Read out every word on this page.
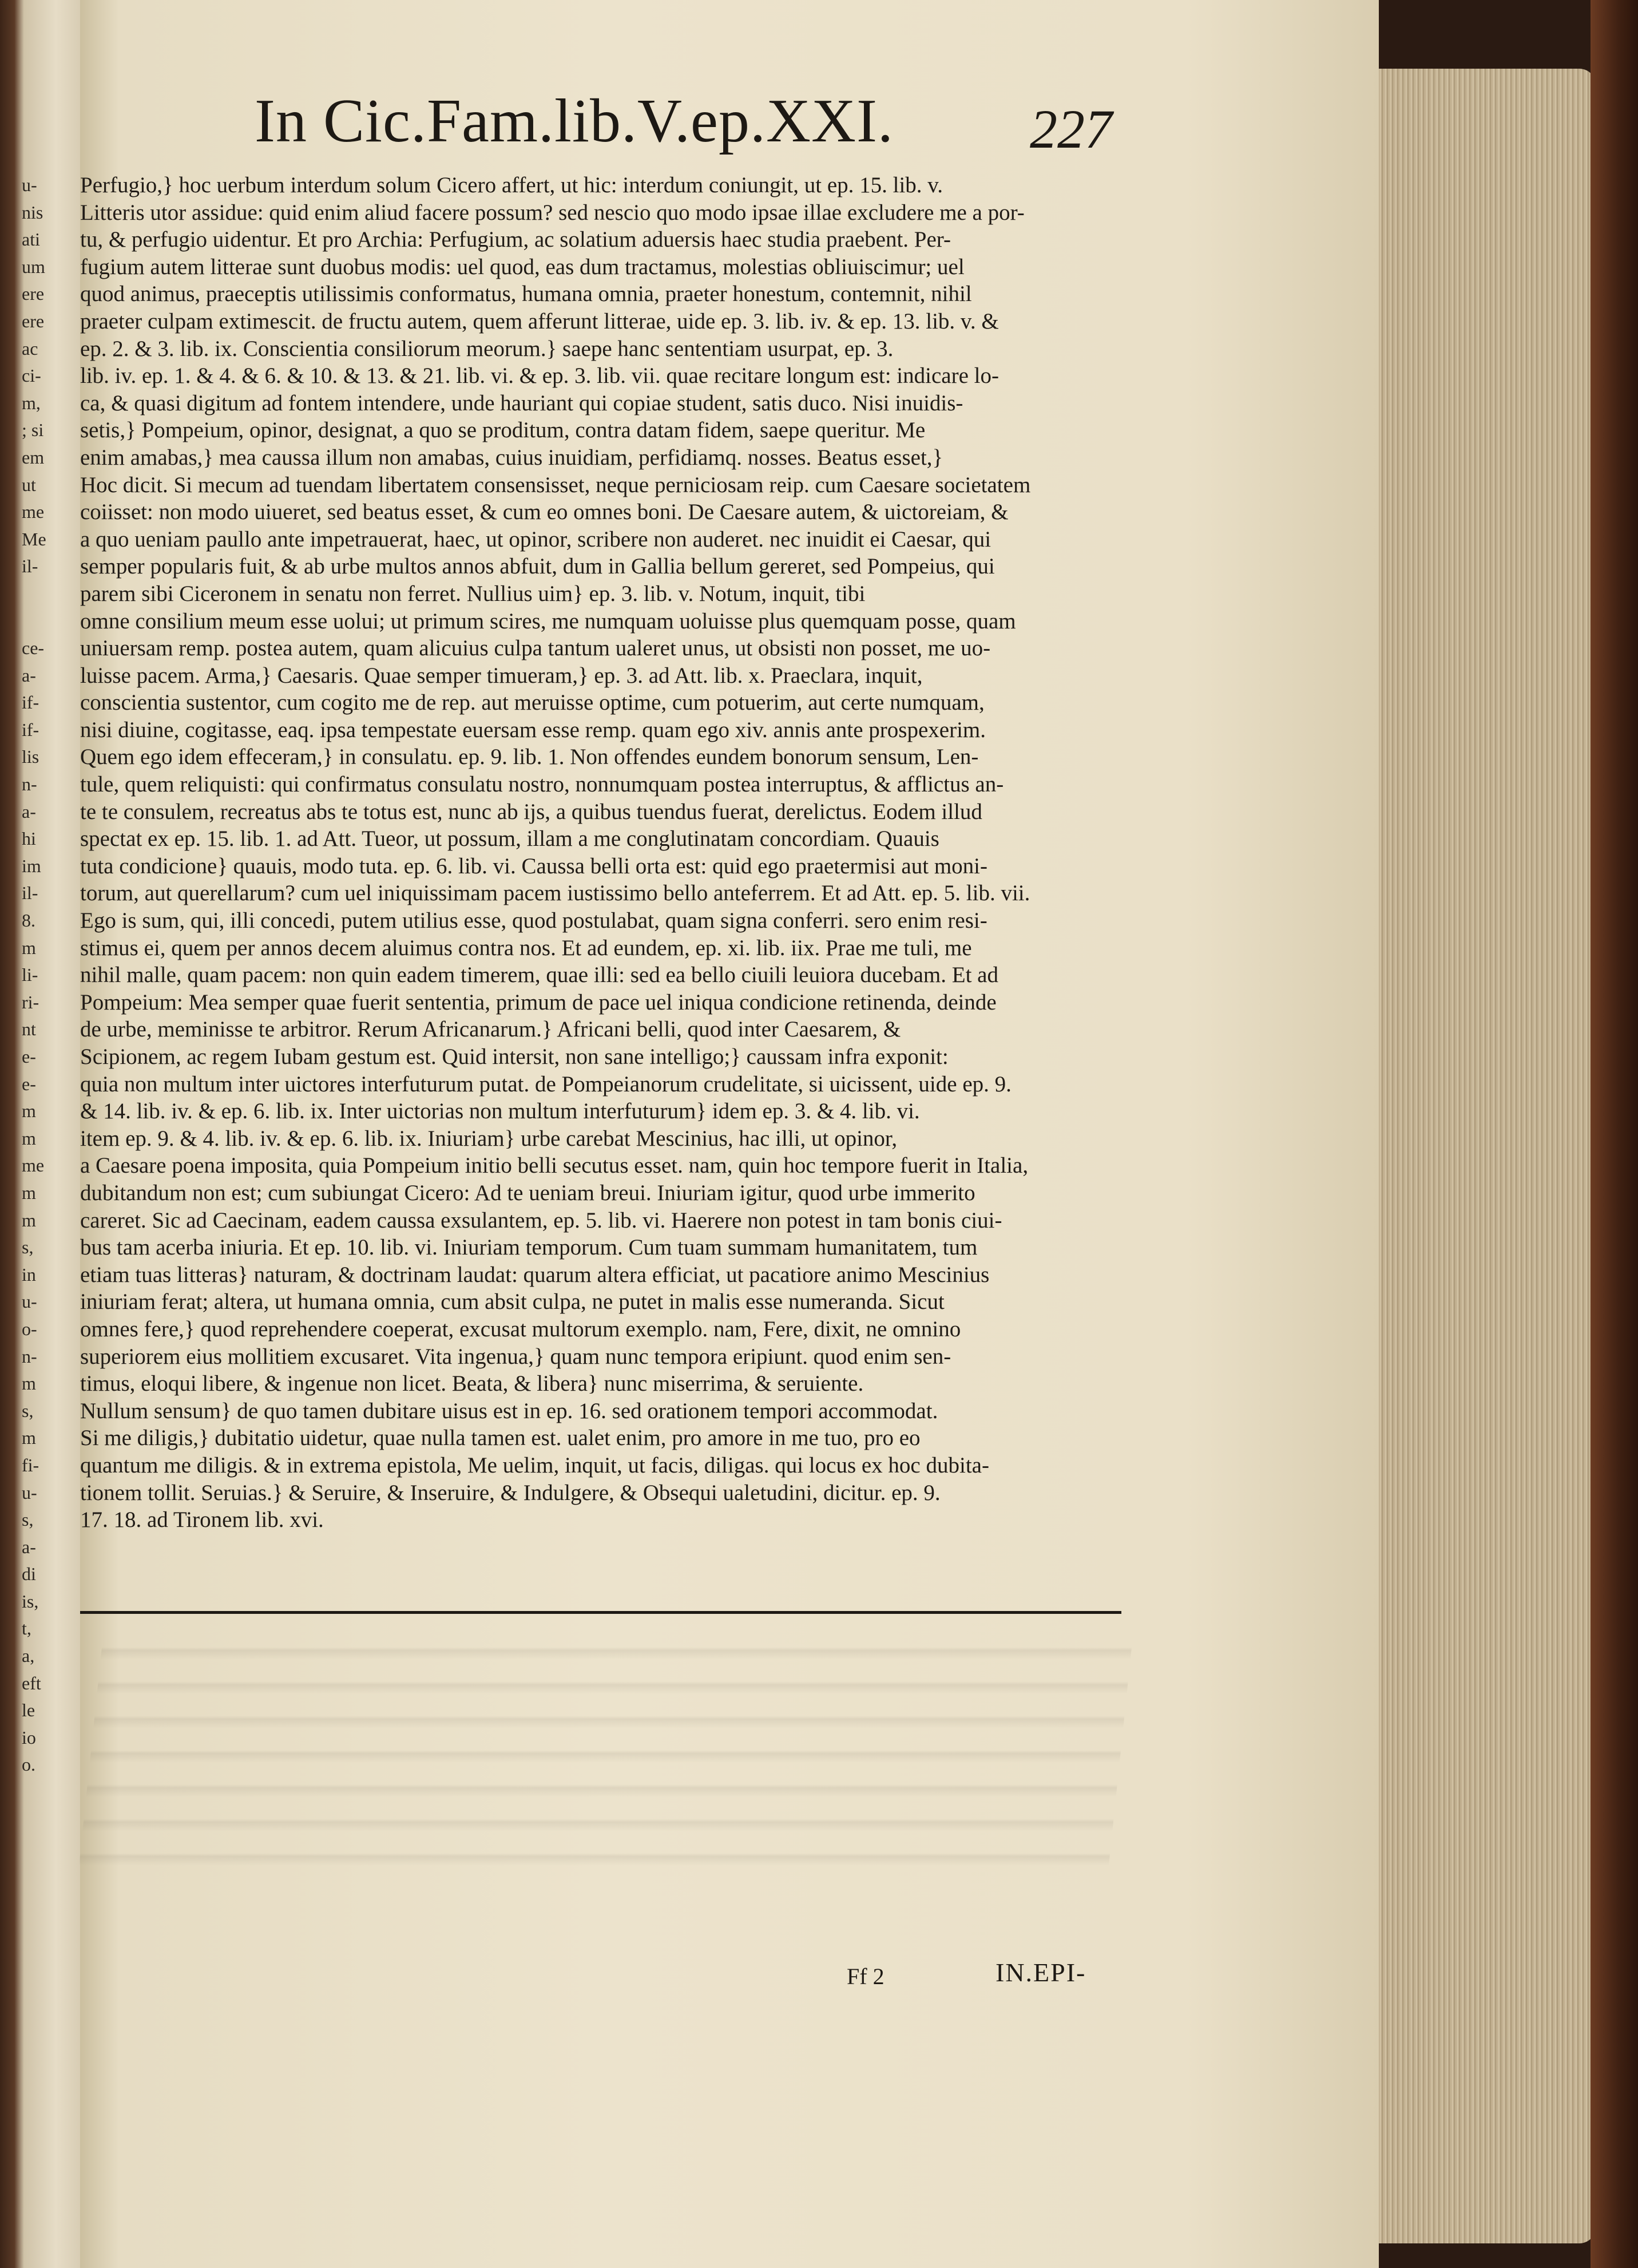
u-
nis
ati
um
ere
ere
ac
ci-
m,
; si
em
ut
me
Me
il-
ce-
a-
if-
if-
lis
n-
a-
hi
im
il-
8.
m
li-
ri-
nt
e-
e-
m
m
me
m
m
s,
in
u-
o-
n-
m
s,
m
fi-
u-
s,
a-
di
is,
t,
a,
eft
le
io
o.
In Cic.Fam.lib.V.ep.XXI. 227
Perfugio,} hoc uerbum interdum solum Cicero affert, ut hic: interdum coniungit, ut ep. 15. lib. v.
Litteris utor assidue: quid enim aliud facere possum? sed nescio quo modo ipsae illae excludere me a por-
tu, & perfugio uidentur. Et pro Archia: Perfugium, ac solatium aduersis haec studia praebent. Per-
fugium autem litterae sunt duobus modis: uel quod, eas dum tractamus, molestias obliuiscimur; uel
quod animus, praeceptis utilissimis conformatus, humana omnia, praeter honestum, contemnit, nihil
praeter culpam extimescit. de fructu autem, quem afferunt litterae, uide ep. 3. lib. iv. & ep. 13. lib. v. &
ep. 2. & 3. lib. ix. Conscientia consiliorum meorum.} saepe hanc sententiam usurpat, ep. 3.
lib. iv. ep. 1. & 4. & 6. & 10. & 13. & 21. lib. vi. & ep. 3. lib. vii. quae recitare longum est: indicare lo-
ca, & quasi digitum ad fontem intendere, unde hauriant qui copiae student, satis duco. Nisi inuidis-
setis,} Pompeium, opinor, designat, a quo se proditum, contra datam fidem, saepe queritur. Me
enim amabas,} mea caussa illum non amabas, cuius inuidiam, perfidiamq. nosses. Beatus esset,}
Hoc dicit. Si mecum ad tuendam libertatem consensisset, neque perniciosam reip. cum Caesare societatem
coiisset: non modo uiueret, sed beatus esset, & cum eo omnes boni. De Caesare autem, & uictoreiam, &
a quo ueniam paullo ante impetrauerat, haec, ut opinor, scribere non auderet. nec inuidit ei Caesar, qui
semper popularis fuit, & ab urbe multos annos abfuit, dum in Gallia bellum gereret, sed Pompeius, qui
parem sibi Ciceronem in senatu non ferret. Nullius uim} ep. 3. lib. v. Notum, inquit, tibi
omne consilium meum esse uolui; ut primum scires, me numquam uoluisse plus quemquam posse, quam
uniuersam remp. postea autem, quam alicuius culpa tantum ualeret unus, ut obsisti non posset, me uo-
luisse pacem. Arma,} Caesaris. Quae semper timueram,} ep. 3. ad Att. lib. x. Praeclara, inquit,
conscientia sustentor, cum cogito me de rep. aut meruisse optime, cum potuerim, aut certe numquam,
nisi diuine, cogitasse, eaq. ipsa tempestate euersam esse remp. quam ego xiv. annis ante prospexerim.
Quem ego idem effeceram,} in consulatu. ep. 9. lib. 1. Non offendes eundem bonorum sensum, Len-
tule, quem reliquisti: qui confirmatus consulatu nostro, nonnumquam postea interruptus, & afflictus an-
te te consulem, recreatus abs te totus est, nunc ab ijs, a quibus tuendus fuerat, derelictus. Eodem illud
spectat ex ep. 15. lib. 1. ad Att. Tueor, ut possum, illam a me conglutinatam concordiam. Quauis
tuta condicione} quauis, modo tuta. ep. 6. lib. vi. Caussa belli orta est: quid ego praetermisi aut moni-
torum, aut querellarum? cum uel iniquissimam pacem iustissimo bello anteferrem. Et ad Att. ep. 5. lib. vii.
Ego is sum, qui, illi concedi, putem utilius esse, quod postulabat, quam signa conferri. sero enim resi-
stimus ei, quem per annos decem aluimus contra nos. Et ad eundem, ep. xi. lib. iix. Prae me tuli, me
nihil malle, quam pacem: non quin eadem timerem, quae illi: sed ea bello ciuili leuiora ducebam. Et ad
Pompeium: Mea semper quae fuerit sententia, primum de pace uel iniqua condicione retinenda, deinde
de urbe, meminisse te arbitror. Rerum Africanarum.} Africani belli, quod inter Caesarem, &
Scipionem, ac regem Iubam gestum est. Quid intersit, non sane intelligo;} caussam infra exponit:
quia non multum inter uictores interfuturum putat. de Pompeianorum crudelitate, si uicissent, uide ep. 9.
& 14. lib. iv. & ep. 6. lib. ix. Inter uictorias non multum interfuturum} idem ep. 3. & 4. lib. vi.
item ep. 9. & 4. lib. iv. & ep. 6. lib. ix. Iniuriam} urbe carebat Mescinius, hac illi, ut opinor,
a Caesare poena imposita, quia Pompeium initio belli secutus esset. nam, quin hoc tempore fuerit in Italia,
dubitandum non est; cum subiungat Cicero: Ad te ueniam breui. Iniuriam igitur, quod urbe immerito
careret. Sic ad Caecinam, eadem caussa exsulantem, ep. 5. lib. vi. Haerere non potest in tam bonis ciui-
bus tam acerba iniuria. Et ep. 10. lib. vi. Iniuriam temporum. Cum tuam summam humanitatem, tum
etiam tuas litteras} naturam, & doctrinam laudat: quarum altera efficiat, ut pacatiore animo Mescinius
iniuriam ferat; altera, ut humana omnia, cum absit culpa, ne putet in malis esse numeranda. Sicut
omnes fere,} quod reprehendere coeperat, excusat multorum exemplo. nam, Fere, dixit, ne omnino
superiorem eius mollitiem excusaret. Vita ingenua,} quam nunc tempora eripiunt. quod enim sen-
timus, eloqui libere, & ingenue non licet. Beata, & libera} nunc miserrima, & seruiente.
Nullum sensum} de quo tamen dubitare uisus est in ep. 16. sed orationem tempori accommodat.
Si me diligis,} dubitatio uidetur, quae nulla tamen est. ualet enim, pro amore in me tuo, pro eo
quantum me diligis. & in extrema epistola, Me uelim, inquit, ut facis, diligas. qui locus ex hoc dubita-
tionem tollit. Seruias.} & Seruire, & Inseruire, & Indulgere, & Obsequi ualetudini, dicitur. ep. 9.
17. 18. ad Tironem lib. xvi.
Ff 2	IN.EPI-
